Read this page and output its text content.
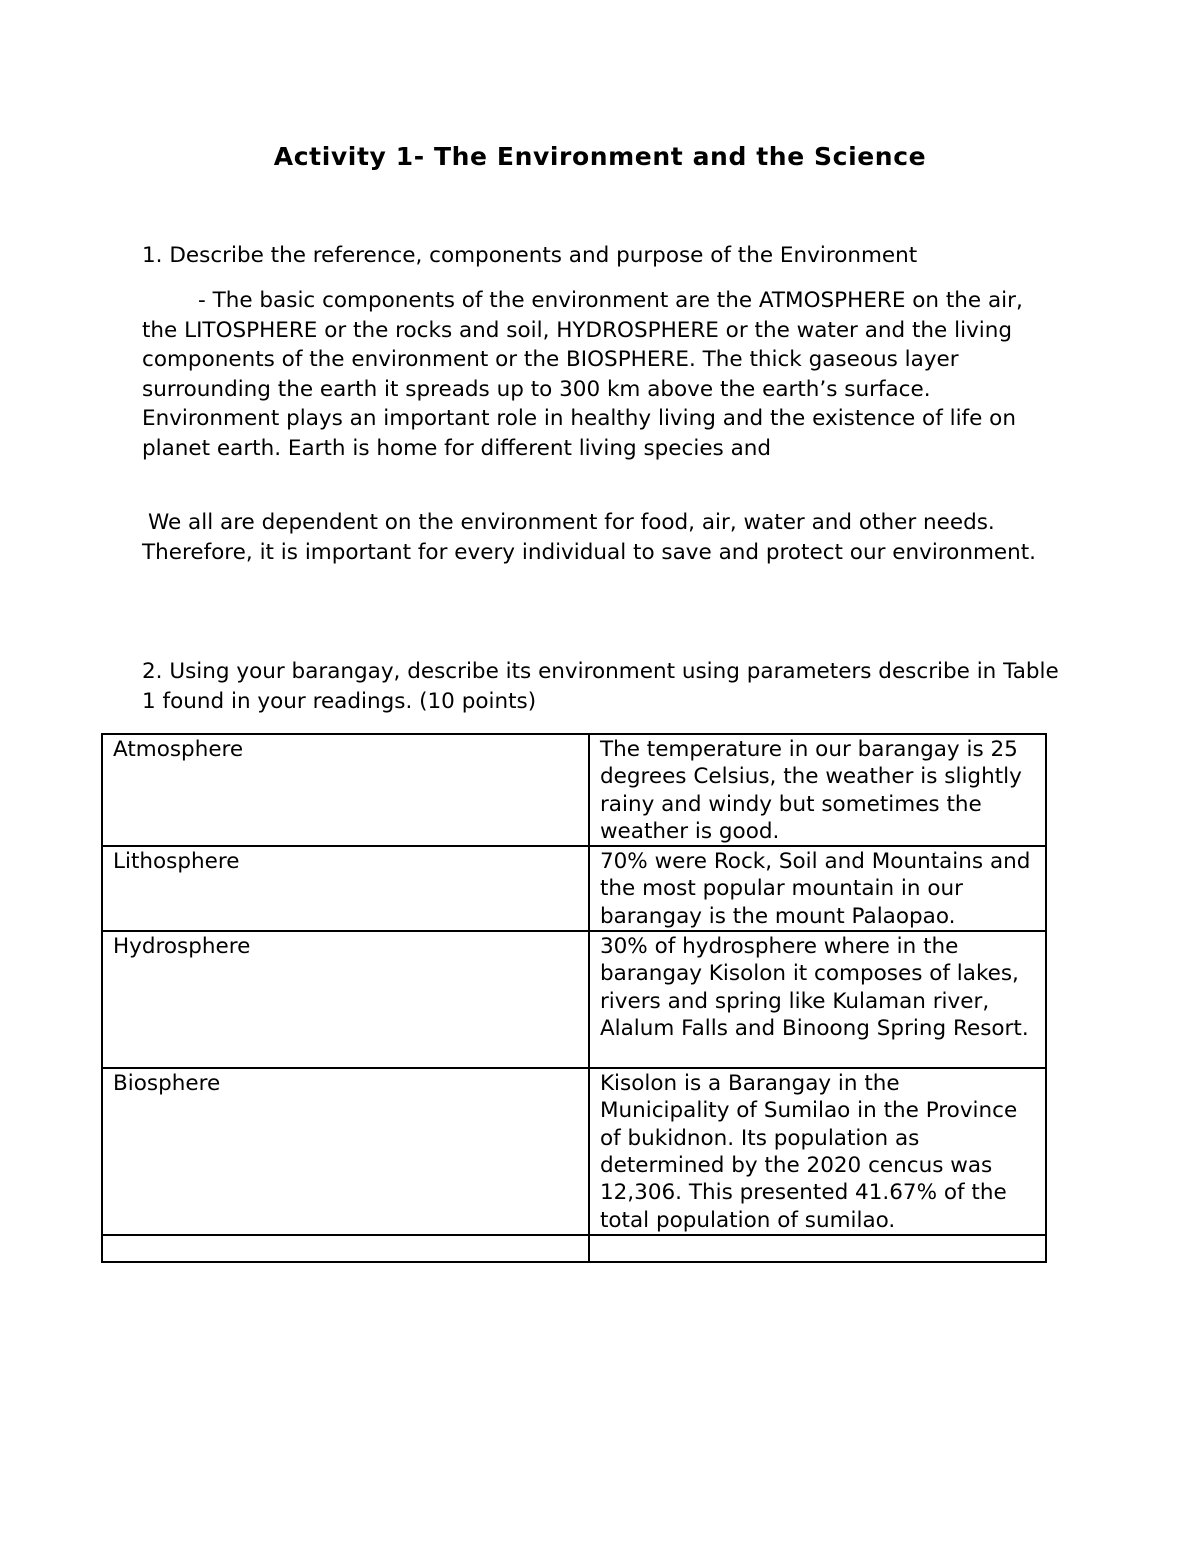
Activity 1- The Environment and the Science

1. Describe the reference, components and purpose of the Environment

- The basic components of the environment are the ATMOSPHERE on the air, the LITOSPHERE or the rocks and soil, HYDROSPHERE or the water and the living components of the environment or the BIOSPHERE. The thick gaseous layer surrounding the earth it spreads up to 300 km above the earth’s surface. Environment plays an important role in healthy living and the existence of life on planet earth. Earth is home for different living species and

We all are dependent on the environment for food, air, water and other needs. Therefore, it is important for every individual to save and protect our environment.

2. Using your barangay, describe its environment using parameters describe in Table 1 found in your readings. (10 points)

Atmosphere	The temperature in our barangay is 25 degrees Celsius, the weather is slightly rainy and windy but sometimes the weather is good.
Lithosphere	70% were Rock, Soil and Mountains and the most popular mountain in our barangay is the mount Palaopao.
Hydrosphere	30% of hydrosphere where in the barangay Kisolon it composes of lakes, rivers and spring like Kulaman river, Alalum Falls and Binoong Spring Resort.
Biosphere	Kisolon is a Barangay in the Municipality of Sumilao in the Province of bukidnon. Its population as determined by the 2020 cencus was 12,306. This presented 41.67% of the total population of sumilao.
